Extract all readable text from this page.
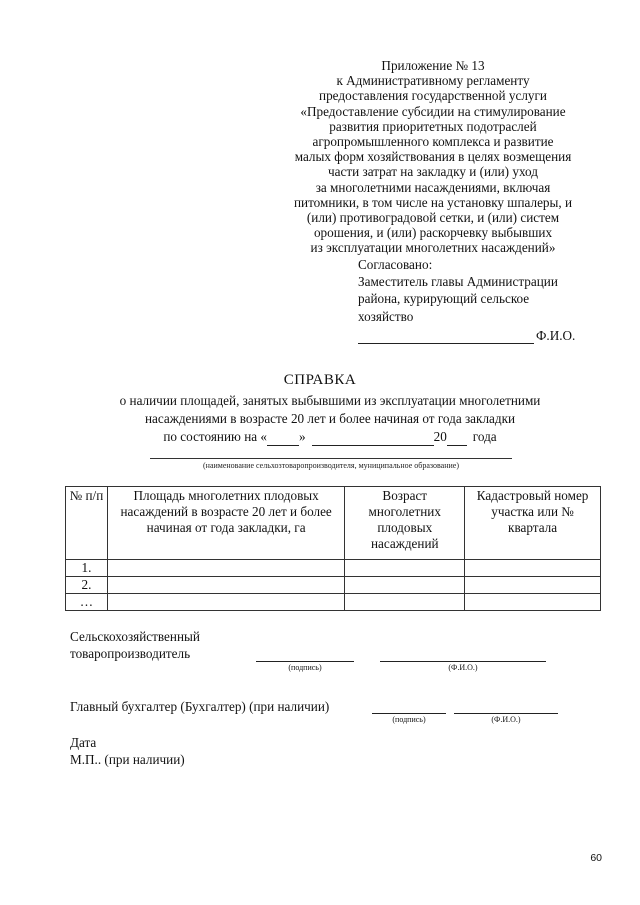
Приложение № 13
к Административному регламенту
предоставления государственной услуги
«Предоставление субсидии на стимулирование
развития приоритетных подотраслей
агропромышленного комплекса и развитие
малых форм хозяйствования в целях возмещения
части затрат на закладку и (или) уход
за многолетними насаждениями, включая
питомники, в том числе на установку шпалеры, и
(или) противоградовой сетки, и (или) систем
орошения, и (или) раскорчевку выбывших
из эксплуатации многолетних насаждений»
Согласовано:
Заместитель главы Администрации
района, курирующий сельское
хозяйство
Ф.И.О.
СПРАВКА
о наличии площадей, занятых выбывшими из эксплуатации многолетними
насаждениями в возрасте 20 лет и более начиная от года закладки
по состоянию на « »	20 года
(наименование сельхозтоваропроизводителя, муниципальное образование)
№ п/п	Площадь многолетних плодовых насаждений в возрасте 20 лет и более начиная от года закладки, га	Возраст многолетних плодовых насаждений	Кадастровый номер участка или № квартала
1.			
2.			
…			
Сельскохозяйственный
товаропроизводитель
(подпись)	(Ф.И.О.)
Главный бухгалтер (Бухгалтер) (при наличии)
(подпись)	(Ф.И.О.)
Дата
М.П.. (при наличии)
60
